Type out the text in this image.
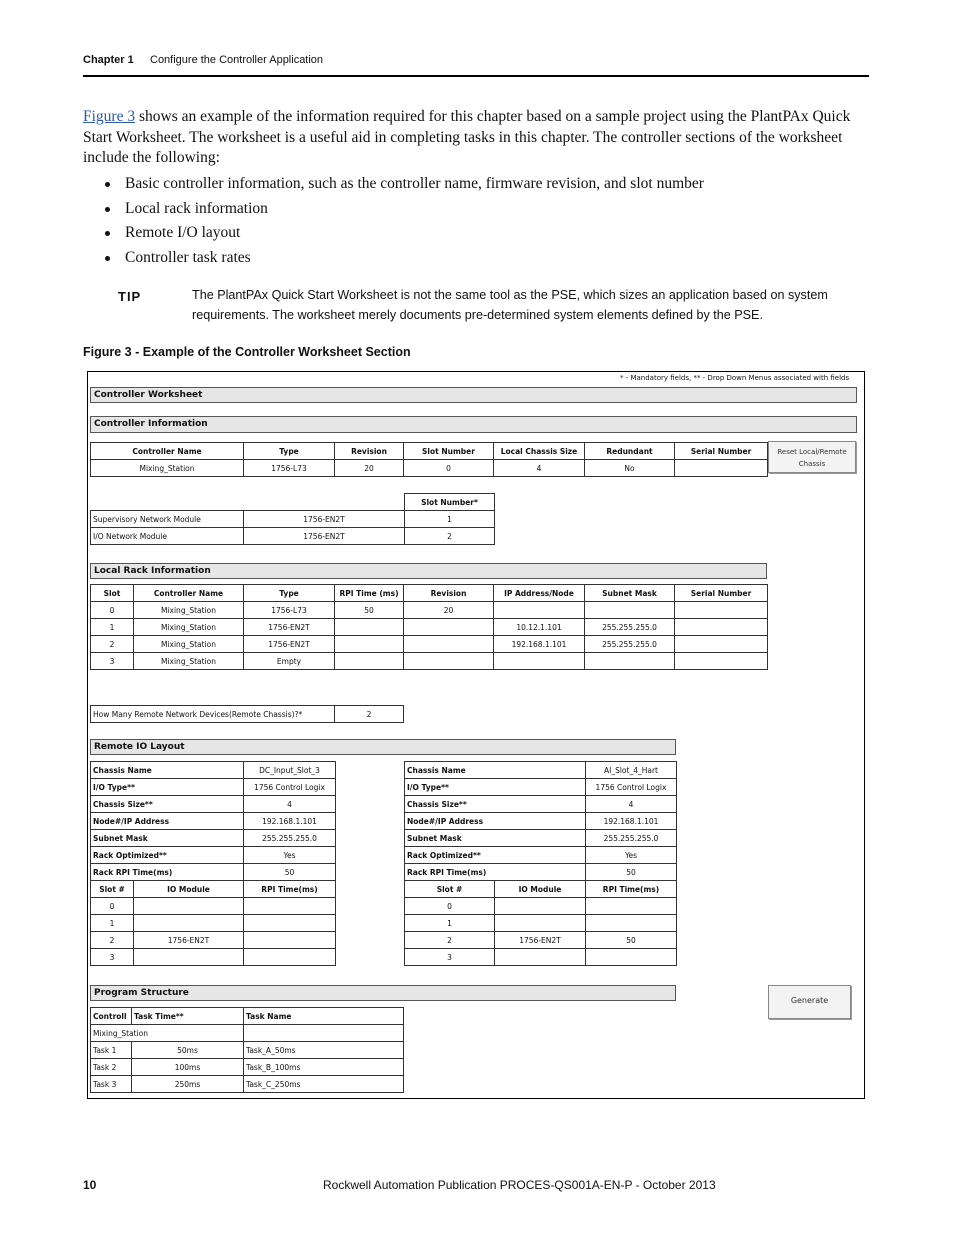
Chapter 1 Configure the Controller Application
Figure 3 shows an example of the information required for this chapter based on a sample project using the PlantPAx Quick Start Worksheet. The worksheet is a useful aid in completing tasks in this chapter. The controller sections of the worksheet include the following:
Basic controller information, such as the controller name, firmware revision, and slot number
Local rack information
Remote I/O layout
Controller task rates
TIP	The PlantPAx Quick Start Worksheet is not the same tool as the PSE, which sizes an application based on system requirements. The worksheet merely documents pre-determined system elements defined by the PSE.
Figure 3 - Example of the Controller Worksheet Section
* - Mandatory fields, ** - Drop Down Menus associated with fields
Controller Worksheet
Controller Information
Controller Name	Type	Revision	Slot Number	Local Chassis Size	Redundant	Serial Number
Mixing_Station	1756-L73	20	0	4	No	
Reset Local/Remote Chassis
		Slot Number*
Supervisory Network Module	1756-EN2T	1
I/O Network Module	1756-EN2T	2
Local Rack Information
Slot	Controller Name	Type	RPI Time (ms)	Revision	IP Address/Node	Subnet Mask	Serial Number
0	Mixing_Station	1756-L73	50	20			
1	Mixing_Station	1756-EN2T			10.12.1.101	255.255.255.0	
2	Mixing_Station	1756-EN2T			192.168.1.101	255.255.255.0	
3	Mixing_Station	Empty					
How Many Remote Network Devices(Remote Chassis)?*	2
Remote IO Layout
Chassis Name		DC_Input_Slot_3
I/O Type**		1756 Control Logix
Chassis Size**		4
Node#/IP Address		192.168.1.101
Subnet Mask		255.255.255.0
Rack Optimized**		Yes
Rack RPI Time(ms)		50
Slot #	IO Module	RPI Time(ms)
0		
1		
2	1756-EN2T	
3		
Chassis Name		AI_Slot_4_Hart
I/O Type**		1756 Control Logix
Chassis Size**		4
Node#/IP Address		192.168.1.101
Subnet Mask		255.255.255.0
Rack Optimized**		Yes
Rack RPI Time(ms)		50
Slot #	IO Module	RPI Time(ms)
0		
1		
2	1756-EN2T	50
3		
Program Structure
Generate
Controll	Task Time**	Task Name
Mixing_Station		
Task 1	50ms	Task_A_50ms
Task 2	100ms	Task_B_100ms
Task 3	250ms	Task_C_250ms
10	Rockwell Automation Publication PROCES-QS001A-EN-P - October 2013
